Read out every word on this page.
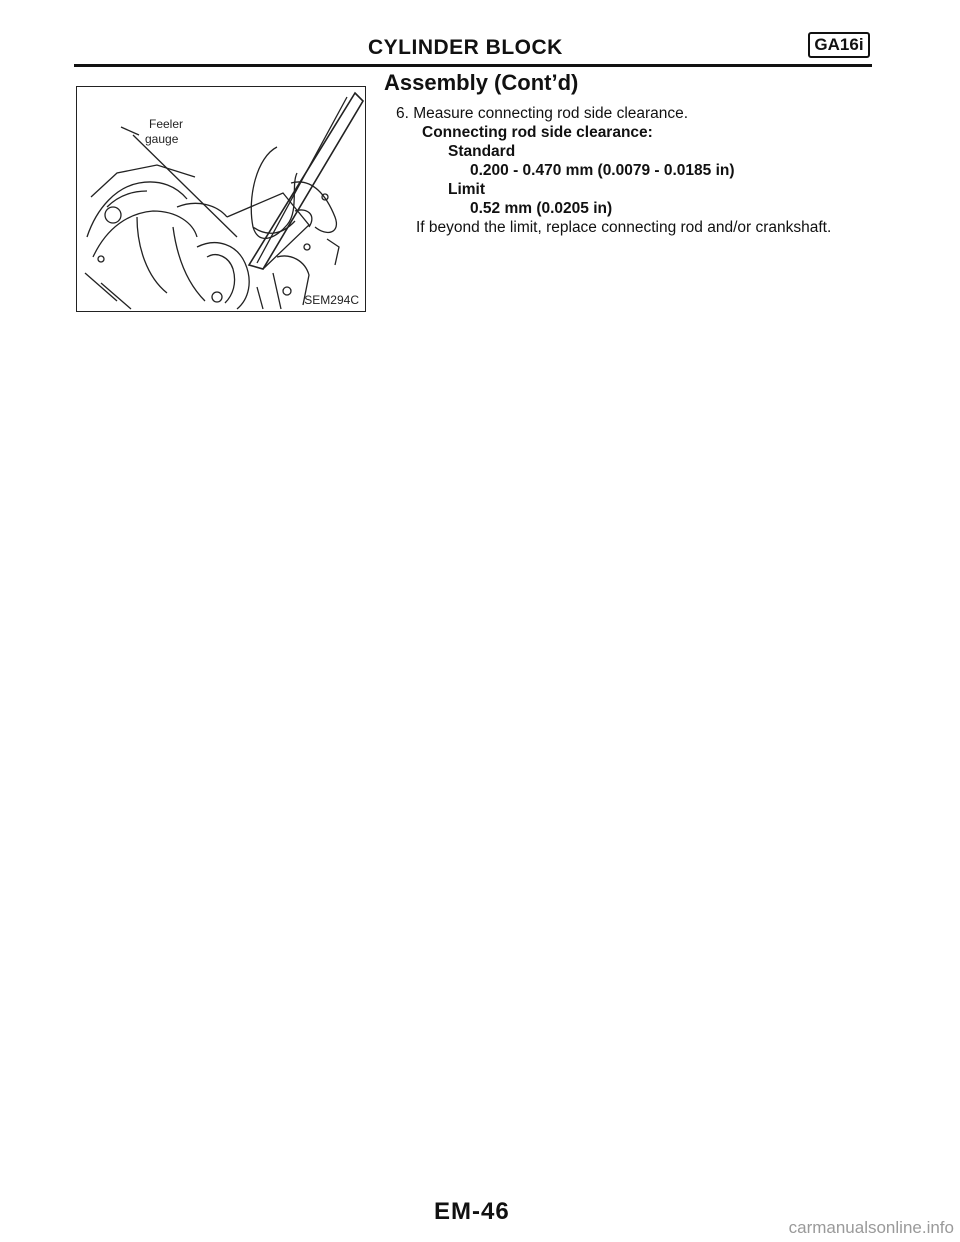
CYLINDER BLOCK	GA16i
Assembly (Cont’d)
Feeler
gauge
SEM294C

6. Measure connecting rod side clearance.

Connecting rod side clearance:

Standard

0.200 - 0.470 mm (0.0079 - 0.0185 in)

Limit

0.52 mm (0.0205 in)

If beyond the limit, replace connecting rod and/or crankshaft.

EM-46
carmanualsonline.info
